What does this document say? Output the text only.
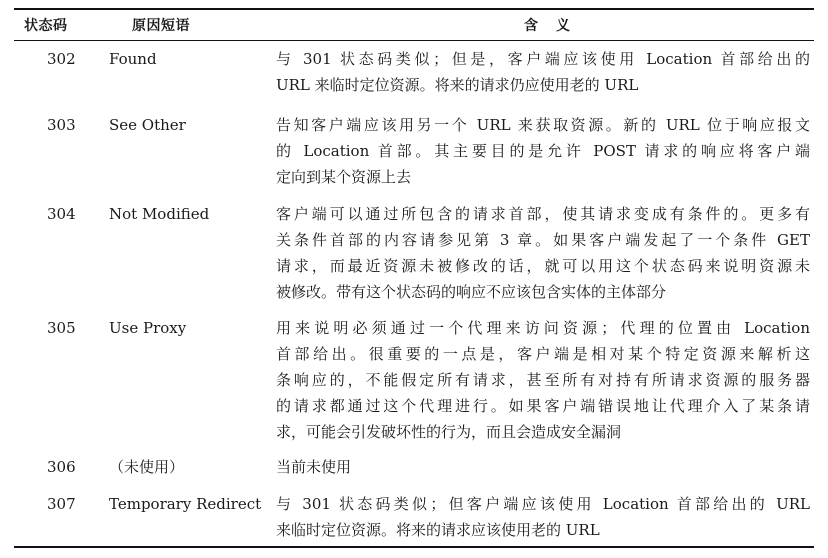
状态码	原因短语	含义
302 Found	与 301 状态码类似；但是，客户端应该使用 Location 首部给出的
URL 来临时定位资源。将来的请求仍应使用老的 URL
303 See Other	告知客户端应该用另一个 URL 来获取资源。新的 URL 位于响应报文
的 Location 首部。其主要目的是允许 POST 请求的响应将客户端
定向到某个资源上去
304 Not Modified	客户端可以通过所包含的请求首部，使其请求变成有条件的。更多有
关条件首部的内容请参见第 3 章。如果客户端发起了一个条件 GET
请求，而最近资源未被修改的话，就可以用这个状态码来说明资源未
被修改。带有这个状态码的响应不应该包含实体的主体部分
305 Use Proxy	用来说明必须通过一个代理来访问资源；代理的位置由 Location
首部给出。很重要的一点是，客户端是相对某个特定资源来解析这
条响应的，不能假定所有请求，甚至所有对持有所请求资源的服务器
的请求都通过这个代理进行。如果客户端错误地让代理介入了某条请
求，可能会引发破坏性的行为，而且会造成安全漏洞
306 （未使用）	当前未使用
307 Temporary Redirect 与 301 状态码类似；但客户端应该使用 Location 首部给出的 URL
来临时定位资源。将来的请求应该使用老的 URL
